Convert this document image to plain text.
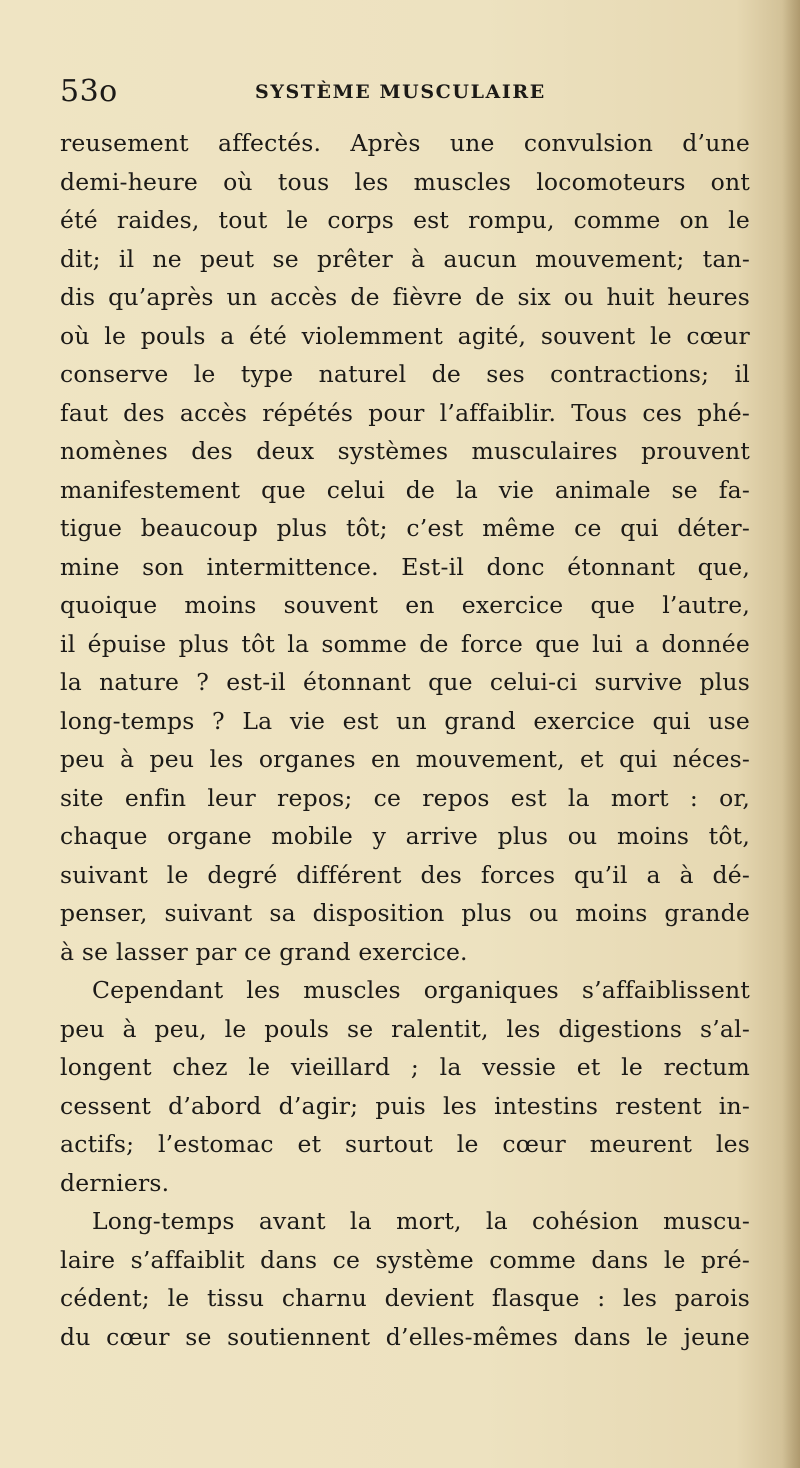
53o	SYSTÈME MUSCULAIRE
reusement affectés. Après une convulsion d’une
demi-heure où tous les muscles locomoteurs ont
été raides, tout le corps est rompu, comme on le
dit; il ne peut se prêter à aucun mouvement; tan-
dis qu’après un accès de fièvre de six ou huit heures
où le pouls a été violemment agité, souvent le cœur
conserve le type naturel de ses contractions; il
faut des accès répétés pour l’affaiblir. Tous ces phé-
nomènes des deux systèmes musculaires prouvent
manifestement que celui de la vie animale se fa-
tigue beaucoup plus tôt; c’est même ce qui déter-
mine son intermittence. Est-il donc étonnant que,
quoique moins souvent en exercice que l’autre,
il épuise plus tôt la somme de force que lui a donnée
la nature ? est-il étonnant que celui-ci survive plus
long-temps ? La vie est un grand exercice qui use
peu à peu les organes en mouvement, et qui néces-
site enfin leur repos; ce repos est la mort : or,
chaque organe mobile y arrive plus ou moins tôt,
suivant le degré différent des forces qu’il a à dé-
penser, suivant sa disposition plus ou moins grande
à se lasser par ce grand exercice.
Cependant les muscles organiques s’affaiblissent
peu à peu, le pouls se ralentit, les digestions s’al-
longent chez le vieillard ; la vessie et le rectum
cessent d’abord d’agir; puis les intestins restent in-
actifs; l’estomac et surtout le cœur meurent les
derniers.
Long-temps avant la mort, la cohésion muscu-
laire s’affaiblit dans ce système comme dans le pré-
cédent; le tissu charnu devient flasque : les parois
du cœur se soutiennent d’elles-mêmes dans le jeune
